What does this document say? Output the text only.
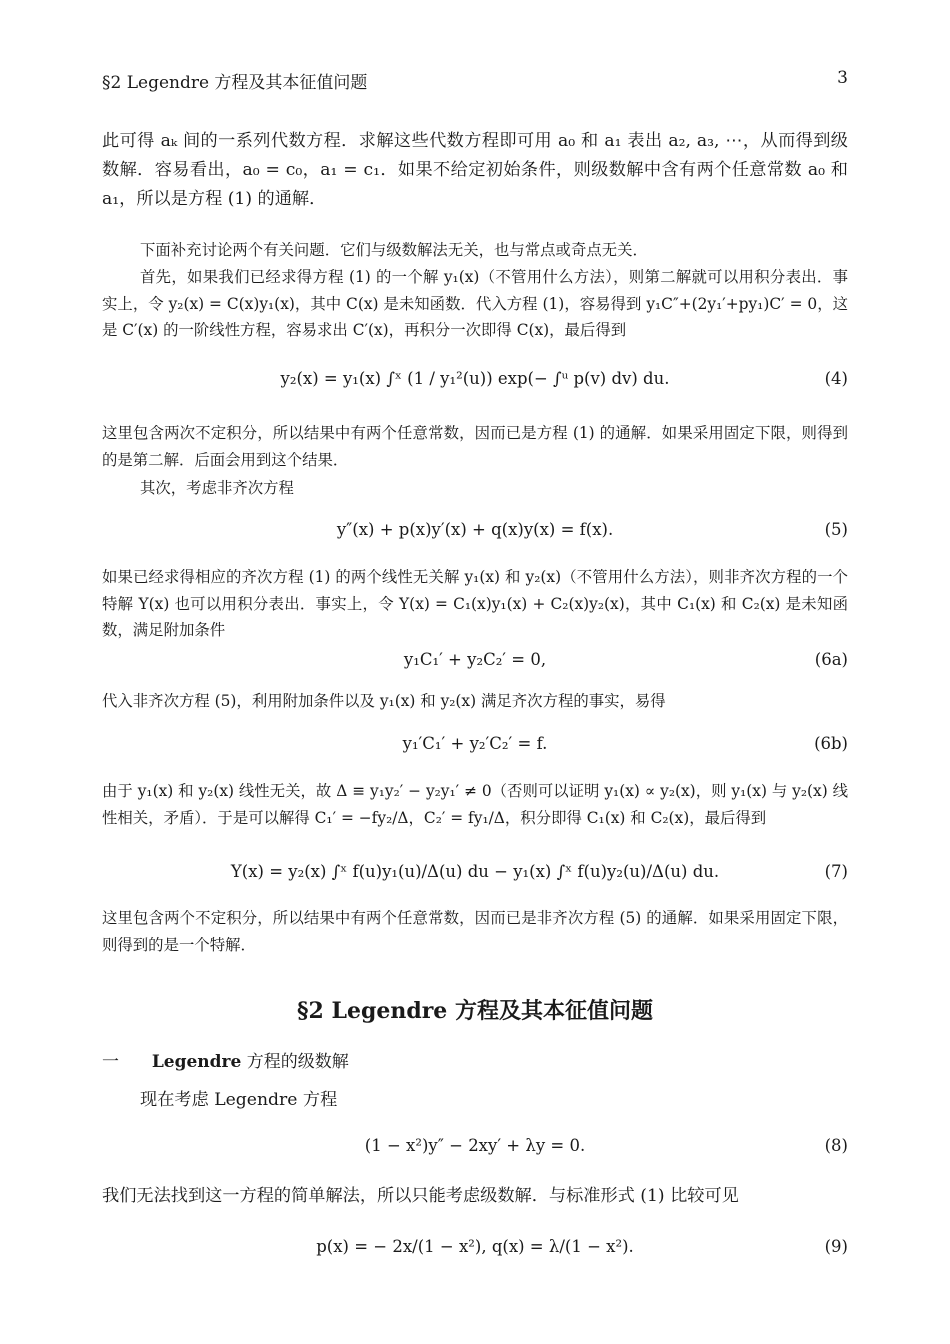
§2 Legendre 方程及其本征值问题	3
此可得 aₖ 间的一系列代数方程．求解这些代数方程即可用 a₀ 和 a₁ 表出 a₂, a₃, ⋯，从而得到级数解．容易看出，a₀ = c₀，a₁ = c₁．如果不给定初始条件，则级数解中含有两个任意常数 a₀ 和 a₁，所以是方程 (1) 的通解．
下面补充讨论两个有关问题．它们与级数解法无关，也与常点或奇点无关．
首先，如果我们已经求得方程 (1) 的一个解 y₁(x)（不管用什么方法），则第二解就可以用积分表出．事实上，令 y₂(x) = C(x)y₁(x)，其中 C(x) 是未知函数．代入方程 (1)，容易得到 y₁C″+(2y₁′+py₁)C′ = 0，这是 C′(x) 的一阶线性方程，容易求出 C′(x)，再积分一次即得 C(x)，最后得到
y₂(x) = y₁(x) ∫ˣ (1 / y₁²(u)) exp(− ∫ᵘ p(v) dv) du.	(4)
这里包含两次不定积分，所以结果中有两个任意常数，因而已是方程 (1) 的通解．如果采用固定下限，则得到的是第二解．后面会用到这个结果．
其次，考虑非齐次方程
y″(x) + p(x)y′(x) + q(x)y(x) = f(x).	(5)
如果已经求得相应的齐次方程 (1) 的两个线性无关解 y₁(x) 和 y₂(x)（不管用什么方法），则非齐次方程的一个特解 Y(x) 也可以用积分表出．事实上，令 Y(x) = C₁(x)y₁(x) + C₂(x)y₂(x)，其中 C₁(x) 和 C₂(x) 是未知函数，满足附加条件
y₁C₁′ + y₂C₂′ = 0,	(6a)
代入非齐次方程 (5)，利用附加条件以及 y₁(x) 和 y₂(x) 满足齐次方程的事实，易得
y₁′C₁′ + y₂′C₂′ = f.	(6b)
由于 y₁(x) 和 y₂(x) 线性无关，故 Δ ≡ y₁y₂′ − y₂y₁′ ≠ 0（否则可以证明 y₁(x) ∝ y₂(x)，则 y₁(x) 与 y₂(x) 线性相关，矛盾）．于是可以解得 C₁′ = −fy₂/Δ，C₂′ = fy₁/Δ，积分即得 C₁(x) 和 C₂(x)，最后得到
Y(x) = y₂(x) ∫ˣ f(u)y₁(u)/Δ(u) du − y₁(x) ∫ˣ f(u)y₂(u)/Δ(u) du.	(7)
这里包含两个不定积分，所以结果中有两个任意常数，因而已是非齐次方程 (5) 的通解．如果采用固定下限，则得到的是一个特解．
§2 Legendre 方程及其本征值问题
一 Legendre 方程的级数解
现在考虑 Legendre 方程
(1 − x²)y″ − 2xy′ + λy = 0.	(8)
我们无法找到这一方程的简单解法，所以只能考虑级数解．与标准形式 (1) 比较可见
p(x) = − 2x/(1 − x²), q(x) = λ/(1 − x²).	(9)
